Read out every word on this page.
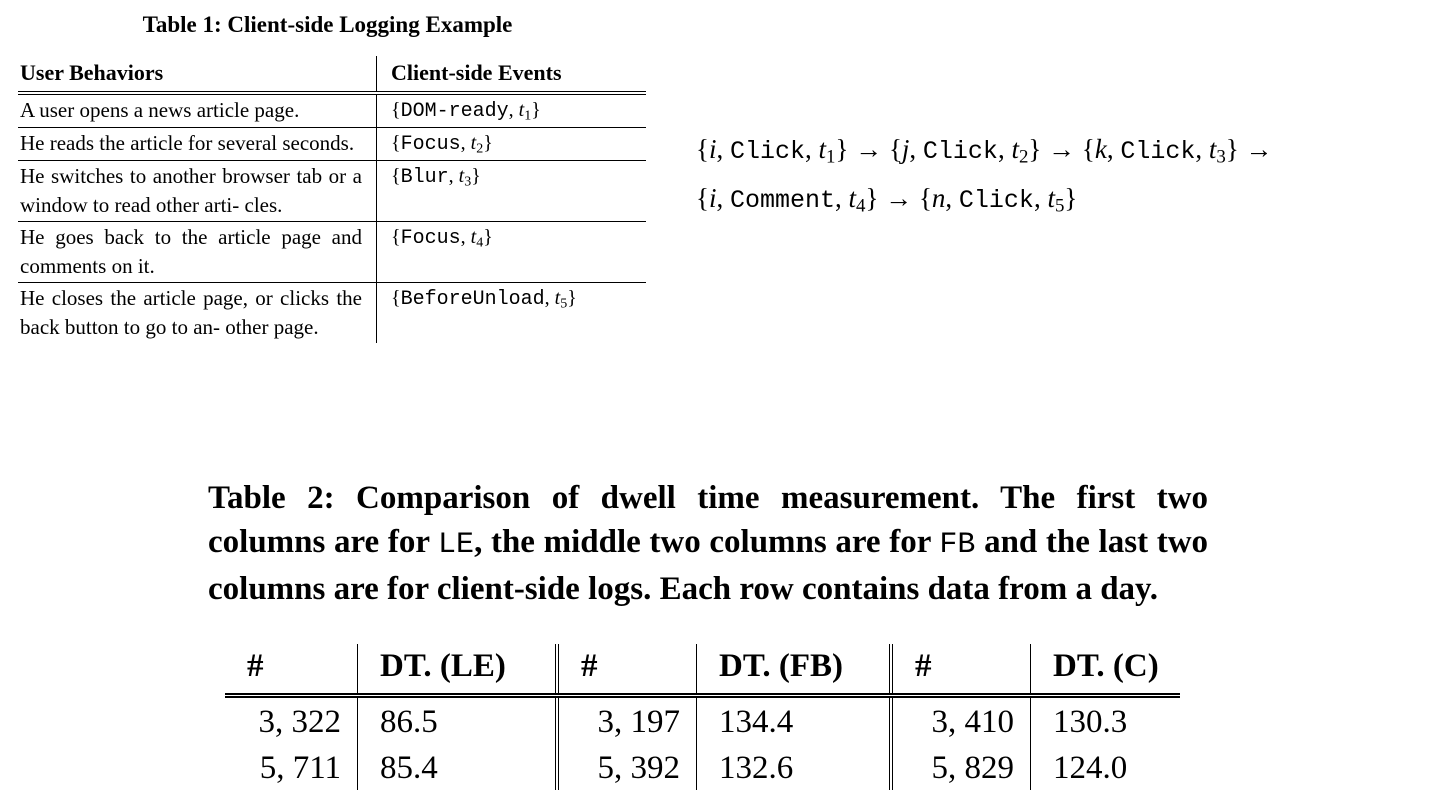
Table 1: Client-side Logging Example
User Behaviors	Client-side Events
A user opens a news article page.	{DOM-ready, $t_1$}
He reads the article for several seconds.	{Focus, $t_2$}
He switches to another browser tab or a window to read other arti- cles.	{Blur, $t_3$}
He goes back to the article page and comments on it.	{Focus, $t_4$}
He closes the article page, or clicks the back button to go to an- other page.	{BeforeUnload, $t_5$}
{i, Click, $t_1\} \to \{j$, Click, $t_2\} \to \{k$, Click, $t_3$} →
{i, Comment, $t_4\} \to \{n$, Click, $t_5$}
Table 2: Comparison of dwell time measurement. The first two columns are for LE, the middle two columns are for FB and the last two columns are for client-side logs. Each row contains data from a day.
#	DT. (LE)	#	DT. (FB)	#	DT. (C)
3, 322	86.5	3, 197	134.4	3, 410	130.3
5, 711	85.4	5, 392	132.6	5, 829	124.0
